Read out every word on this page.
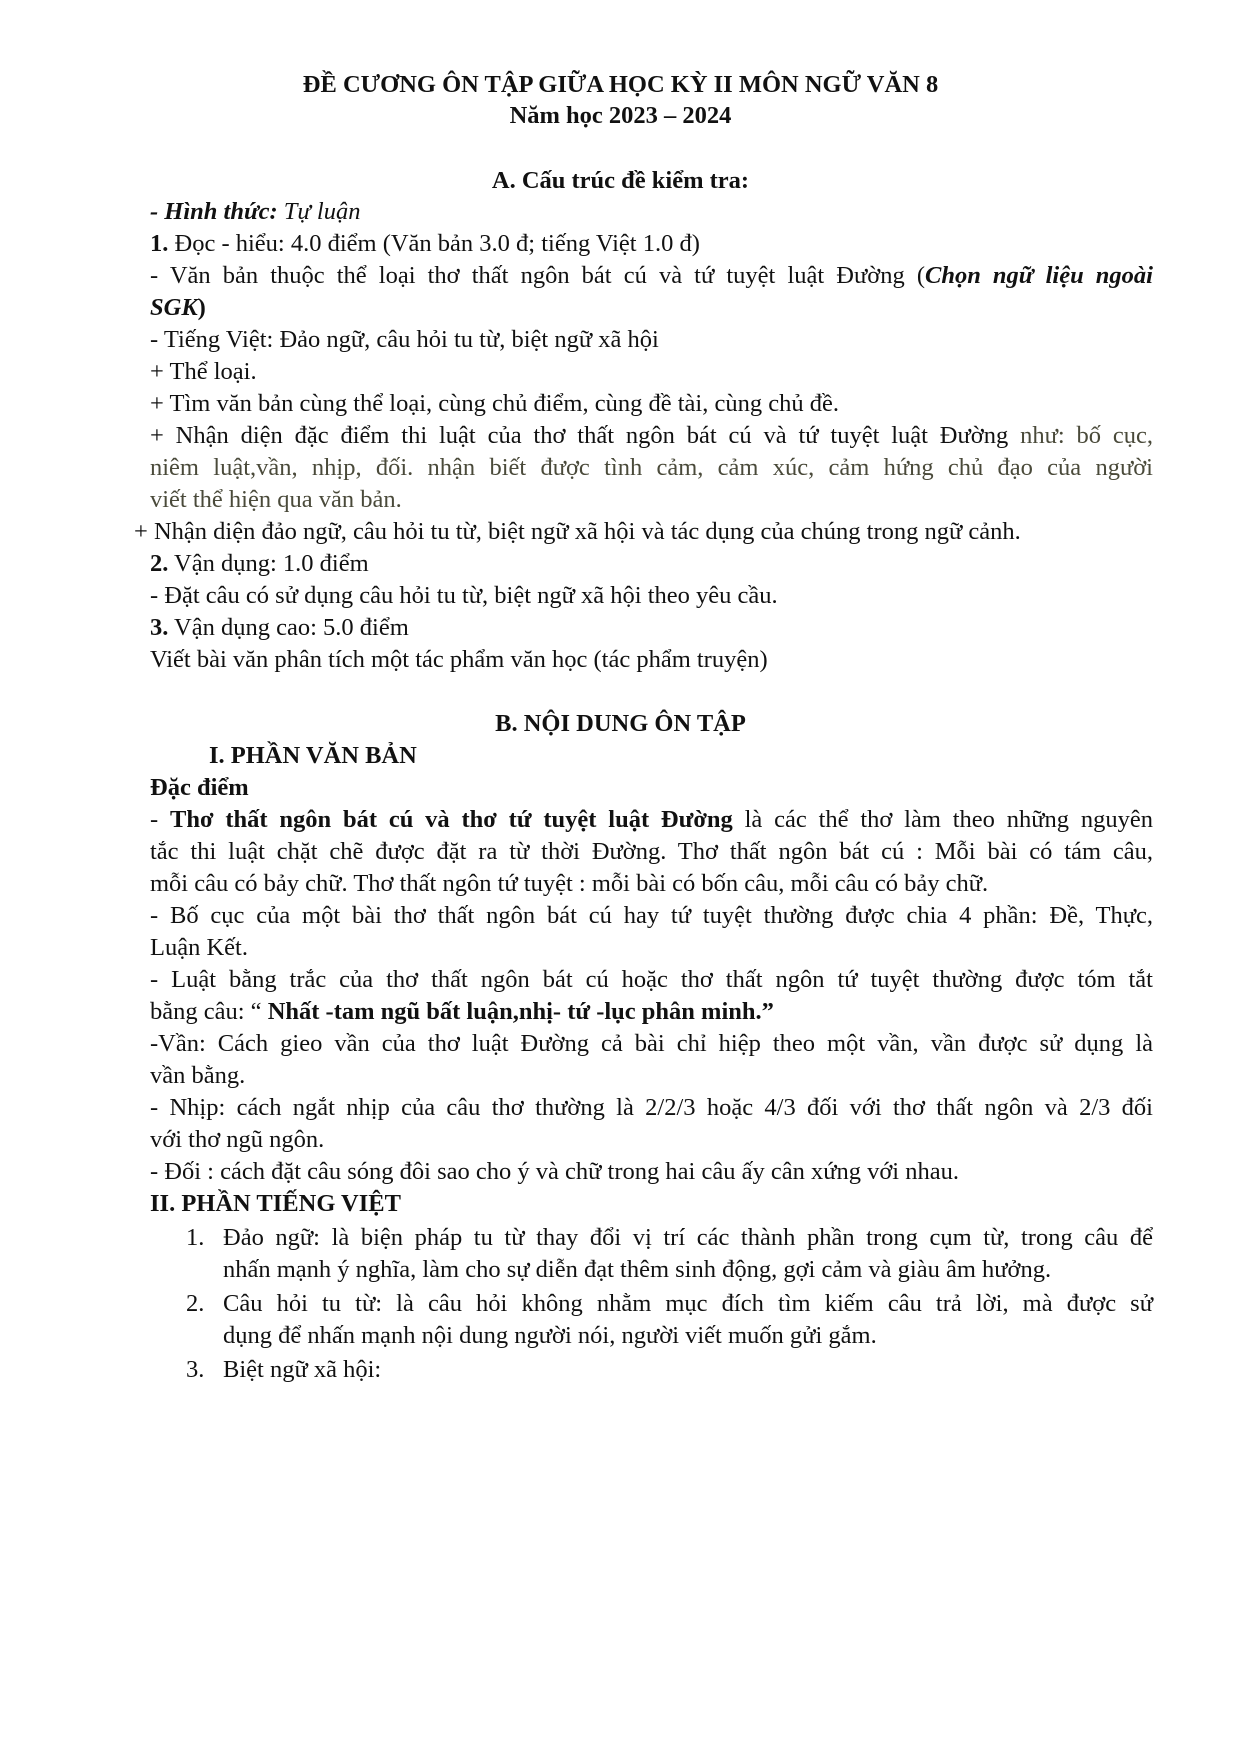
ĐỀ CƯƠNG ÔN TẬP GIỮA HỌC KỲ II MÔN NGỮ VĂN 8
Năm học 2023 – 2024
A. Cấu trúc đề kiểm tra:
- Hình thức: Tự luận
1. Đọc - hiểu: 4.0 điểm (Văn bản 3.0 đ; tiếng Việt 1.0 đ)
- Văn bản thuộc thể loại thơ thất ngôn bát cú và tứ tuyệt luật Đường (Chọn ngữ liệu ngoài
SGK)
- Tiếng Việt: Đảo ngữ, câu hỏi tu từ, biệt ngữ xã hội
+ Thể loại.
+ Tìm văn bản cùng thể loại, cùng chủ điểm, cùng đề tài, cùng chủ đề.
+ Nhận diện đặc điểm thi luật của thơ thất ngôn bát cú và tứ tuyệt luật Đường như: bố cục,
niêm luật,vần, nhịp, đối. nhận biết được tình cảm, cảm xúc, cảm hứng chủ đạo của người
viết thể hiện qua văn bản.
+ Nhận diện đảo ngữ, câu hỏi tu từ, biệt ngữ xã hội và tác dụng của chúng trong ngữ cảnh.
2. Vận dụng: 1.0 điểm
- Đặt câu có sử dụng câu hỏi tu từ, biệt ngữ xã hội theo yêu cầu.
3. Vận dụng cao: 5.0 điểm
Viết bài văn phân tích một tác phẩm văn học (tác phẩm truyện)
B. NỘI DUNG ÔN TẬP
I. PHẦN VĂN BẢN
Đặc điểm
- Thơ thất ngôn bát cú và thơ tứ tuyệt luật Đường là các thể thơ làm theo những nguyên
tắc thi luật chặt chẽ được đặt ra từ thời Đường. Thơ thất ngôn bát cú : Mỗi bài có tám câu,
mỗi câu có bảy chữ. Thơ thất ngôn tứ tuyệt : mỗi bài có bốn câu, mỗi câu có bảy chữ.
- Bố cục của một bài thơ thất ngôn bát cú hay tứ tuyệt thường được chia 4 phần: Đề, Thực,
Luận Kết.
- Luật bằng trắc của thơ thất ngôn bát cú hoặc thơ thất ngôn tứ tuyệt thường được tóm tắt
bằng câu: “ Nhất -tam ngũ bất luận,nhị- tứ -lục phân minh.”
-Vần: Cách gieo vần của thơ luật Đường cả bài chỉ hiệp theo một vần, vần được sử dụng là
vần bằng.
- Nhịp: cách ngắt nhịp của câu thơ thường là 2/2/3 hoặc 4/3 đối với thơ thất ngôn và 2/3 đối
với thơ ngũ ngôn.
- Đối : cách đặt câu sóng đôi sao cho ý và chữ trong hai câu ấy cân xứng với nhau.
II. PHẦN TIẾNG VIỆT
1. Đảo ngữ: là biện pháp tu từ thay đổi vị trí các thành phần trong cụm từ, trong câu để
nhấn mạnh ý nghĩa, làm cho sự diễn đạt thêm sinh động, gợi cảm và giàu âm hưởng.
2. Câu hỏi tu từ: là câu hỏi không nhằm mục đích tìm kiếm câu trả lời, mà được sử
dụng để nhấn mạnh nội dung người nói, người viết muốn gửi gắm.
3. Biệt ngữ xã hội:
